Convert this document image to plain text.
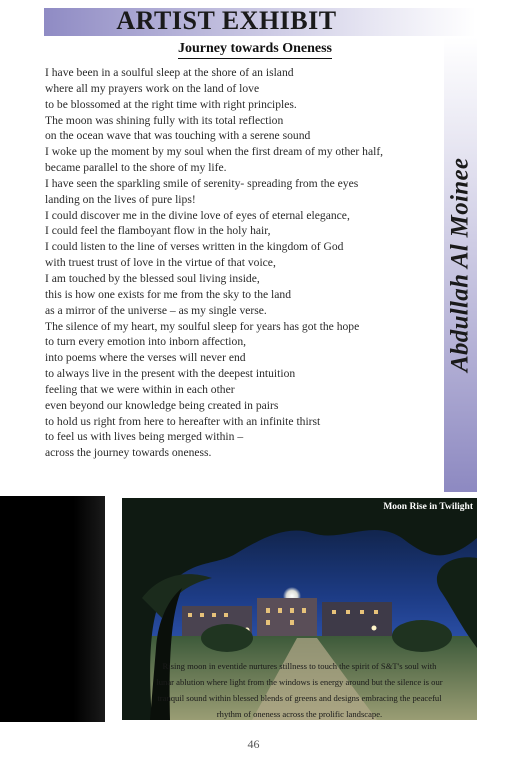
ARTIST EXHIBIT
Journey towards Oneness
Abdullah Al Moinee
I have been in a soulful sleep at the shore of an island
where all my prayers work on the land of love
to be blossomed at the right time with right principles.
The moon was shining fully with its total reflection
on the ocean wave that was touching with a serene sound
I woke up the moment by my soul when the first dream of my other half,
became parallel to the shore of my life.
I have seen the sparkling smile of serenity- spreading from the eyes
landing on the lives of pure lips!
I could discover me in the divine love of eyes of eternal elegance,
I could feel the flamboyant flow in the holy hair,
I could listen to the line of verses written in the kingdom of God
with truest trust of love in the virtue of that voice,
I am touched by the blessed soul living inside,
this is how one exists for me from the sky to the land
as a mirror of the universe – as my single verse.
The silence of my heart, my soulful sleep for years has got the hope
to turn every emotion into inborn affection,
into poems where the verses will never end
to always live in the present with the deepest intuition
feeling that we were within in each other
even beyond our knowledge being created in pairs
to hold us right from here to hereafter with an infinite thirst
to feel us with lives being merged within –
across the journey towards oneness.
Moon Rise in Twilight
Rising moon in eventide nurtures stillness to touch the spirit of S&T's soul with
lunar ablution where light from the windows is energy around but the silence is our
tranquil sound within blessed blends of greens and designs embracing the peaceful
rhythm of oneness across the prolific landscape.
46
